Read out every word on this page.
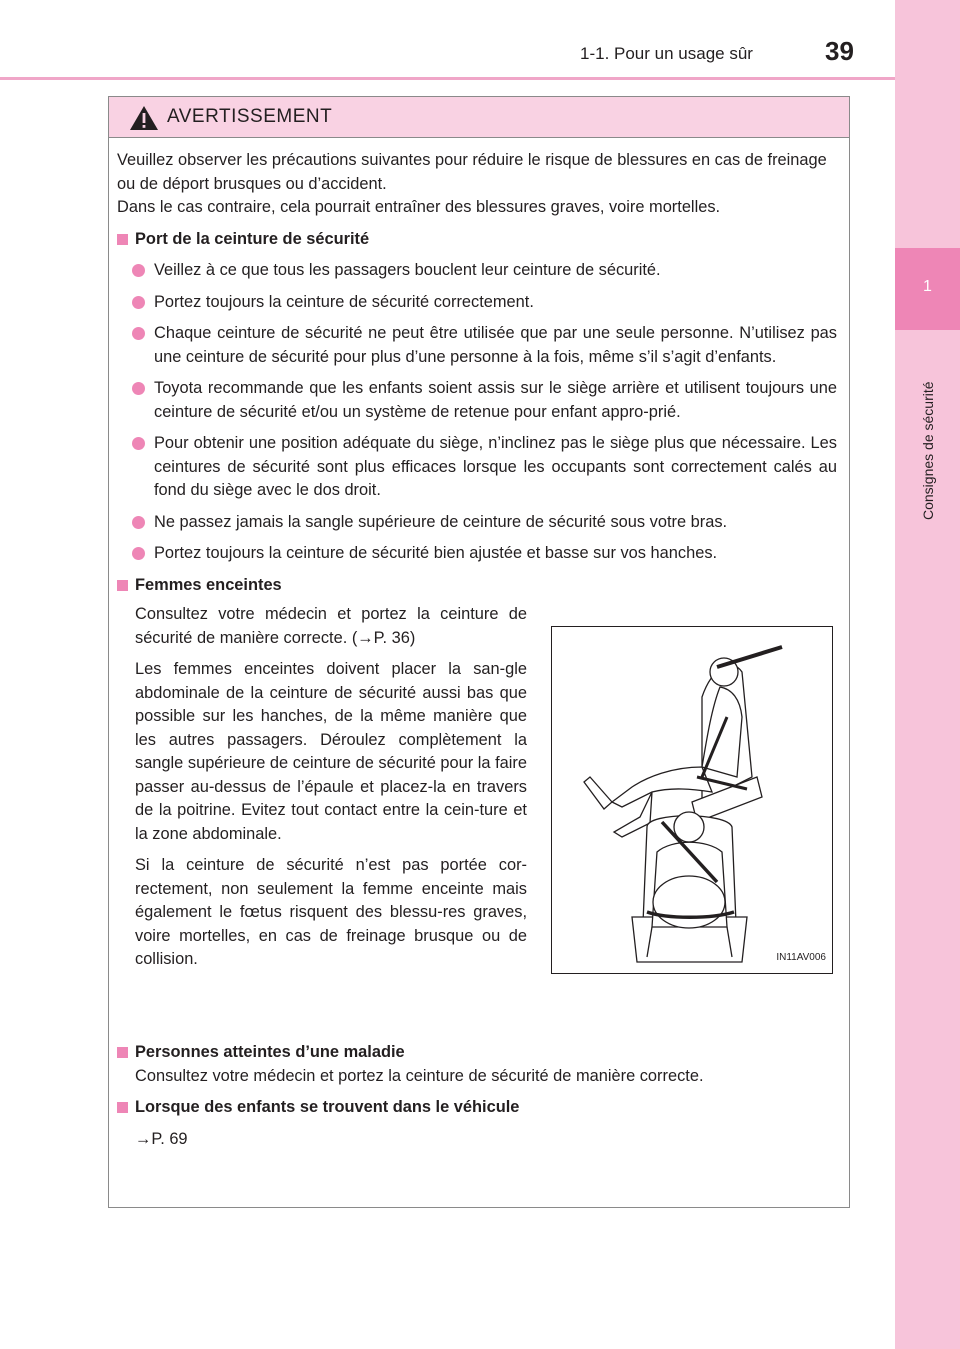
1
Consignes de sécurité
1-1. Pour un usage sûr	39
AVERTISSEMENT

Veuillez observer les précautions suivantes pour réduire le risque de blessures en cas de freinage ou de déport brusques ou d’accident.

Dans le cas contraire, cela pourrait entraîner des blessures graves, voire mortelles.

Port de la ceinture de sécurité
Veillez à ce que tous les passagers bouclent leur ceinture de sécurité.
Portez toujours la ceinture de sécurité correctement.
Chaque ceinture de sécurité ne peut être utilisée que par une seule personne. N’utilisez pas une ceinture de sécurité pour plus d’une personne à la fois, même s’il s’agit d’enfants.
Toyota recommande que les enfants soient assis sur le siège arrière et utilisent toujours une ceinture de sécurité et/ou un système de retenue pour enfant appro-prié.
Pour obtenir une position adéquate du siège, n’inclinez pas le siège plus que nécessaire. Les ceintures de sécurité sont plus efficaces lorsque les occupants sont correctement calés au fond du siège avec le dos droit.
Ne passez jamais la sangle supérieure de ceinture de sécurité sous votre bras.
Portez toujours la ceinture de sécurité bien ajustée et basse sur vos hanches.
Femmes enceintes

Consultez votre médecin et portez la ceinture de sécurité de manière correcte. (→P. 36)

Les femmes enceintes doivent placer la san-gle abdominale de la ceinture de sécurité aussi bas que possible sur les hanches, de la même manière que les autres passagers. Déroulez complètement la sangle supérieure de ceinture de sécurité pour la faire passer au-dessus de l’épaule et placez-la en travers de la poitrine. Evitez tout contact entre la cein-ture et la zone abdominale.

Si la ceinture de sécurité n’est pas portée cor-rectement, non seulement la femme enceinte mais également le fœtus risquent des blessu-res graves, voire mortelles, en cas de freinage brusque ou de collision.	IN11AV006
Personnes atteintes d’une maladie

Consultez votre médecin et portez la ceinture de sécurité de manière correcte.

Lorsque des enfants se trouvent dans le véhicule

→P. 69
